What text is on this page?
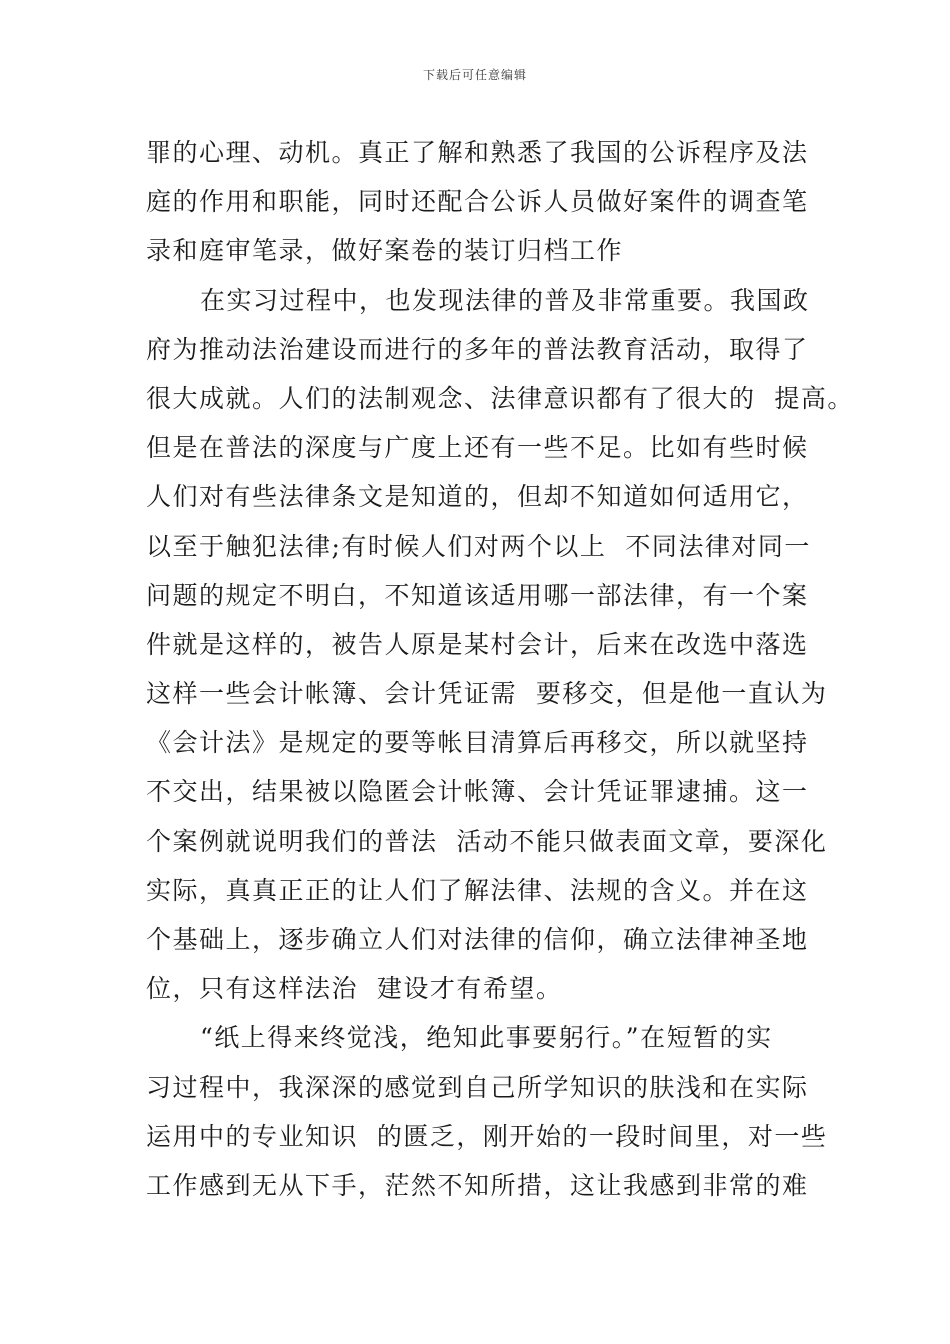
下载后可任意编辑
罪的心理、动机。真正了解和熟悉了我国的公诉程序及法
庭的作用和职能，同时还配合公诉人员做好案件的调查笔
录和庭审笔录，做好案卷的装订归档工作
在实习过程中，也发现法律的普及非常重要。我国政
府为推动法治建设而进行的多年的普法教育活动，取得了
很大成就。人们的法制观念、法律意识都有了很大的  提高。
但是在普法的深度与广度上还有一些不足。比如有些时候
人们对有些法律条文是知道的，但却不知道如何适用它，
以至于触犯法律;有时候人们对两个以上  不同法律对同一
问题的规定不明白，不知道该适用哪一部法律，有一个案
件就是这样的，被告人原是某村会计，后来在改选中落选
这样一些会计帐簿、会计凭证需  要移交，但是他一直认为
《会计法》是规定的要等帐目清算后再移交，所以就坚持
不交出，结果被以隐匿会计帐簿、会计凭证罪逮捕。这一
个案例就说明我们的普法  活动不能只做表面文章，要深化
实际，真真正正的让人们了解法律、法规的含义。并在这
个基础上，逐步确立人们对法律的信仰，确立法律神圣地
位，只有这样法治  建设才有希望。
“纸上得来终觉浅，绝知此事要躬行。”在短暂的实
习过程中，我深深的感觉到自己所学知识的肤浅和在实际
运用中的专业知识  的匮乏，刚开始的一段时间里，对一些
工作感到无从下手，茫然不知所措，这让我感到非常的难
